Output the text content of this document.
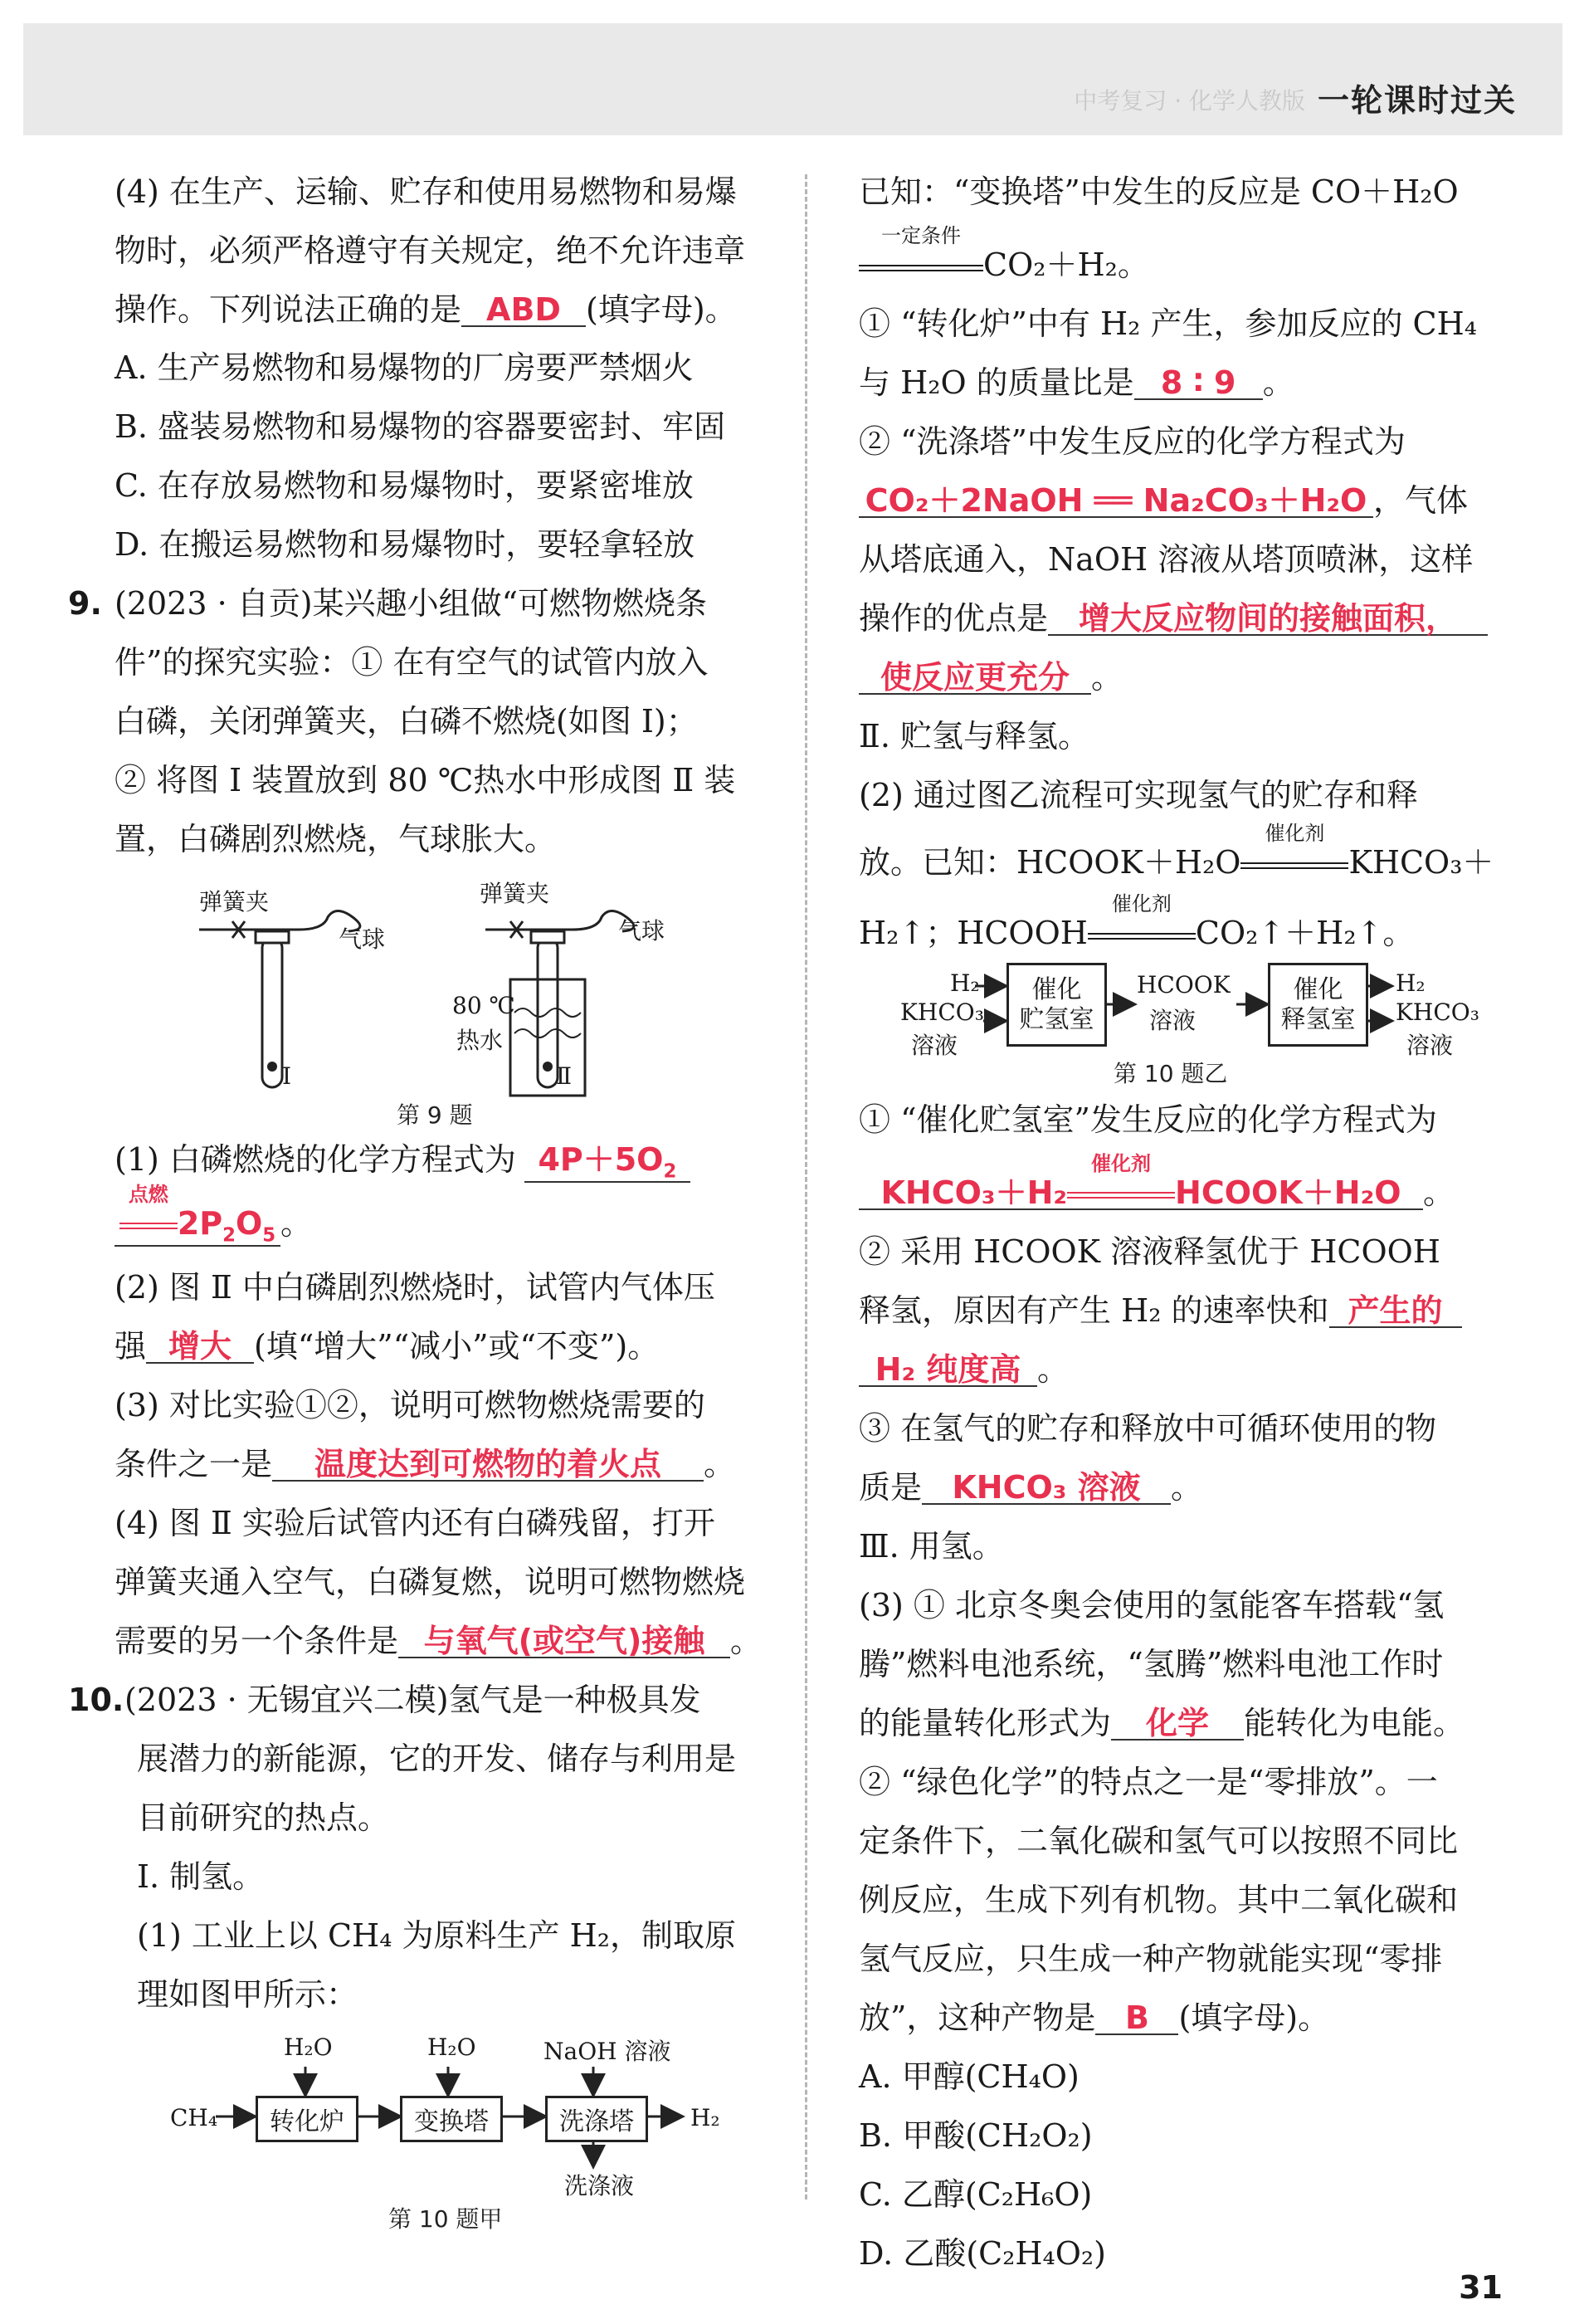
中考复习 · 化学人教版 一轮课时过关
(4) 在生产、运输、贮存和使用易燃物和易爆
物时，必须严格遵守有关规定，绝不允许违章
操作。下列说法正确的是 ABD (填字母)。
A. 生产易燃物和易爆物的厂房要严禁烟火
B. 盛装易燃物和易爆物的容器要密封、牢固
C. 在存放易燃物和易爆物时，要紧密堆放
D. 在搬运易燃物和易爆物时，要轻拿轻放
9. (2023 · 自贡)某兴趣小组做“可燃物燃烧条
件”的探究实验：① 在有空气的试管内放入
白磷，关闭弹簧夹，白磷不燃烧(如图 Ⅰ)；
② 将图 Ⅰ 装置放到 80 ℃热水中形成图 Ⅱ 装
置，白磷剧烈燃烧，气球胀大。
弹簧夹
气球
弹簧夹
气球
80 ℃
热水
Ⅰ	Ⅱ
第 9 题
(1) 白磷燃烧的化学方程式为 $4P+5O_2$
点燃
$2P_2O_5$ 。
(2) 图 Ⅱ 中白磷剧烈燃烧时，试管内气体压
强 增大 (填“增大”“减小”或“不变”)。
(3) 对比实验①②，说明可燃物燃烧需要的
条件之一是 温度达到可燃物的着火点 。
(4) 图 Ⅱ 实验后试管内还有白磷残留，打开
弹簧夹通入空气，白磷复燃，说明可燃物燃烧
需要的另一个条件是 与氧气(或空气)接触 。
10. (2023 · 无锡宜兴二模)氢气是一种极具发
展潜力的新能源，它的开发、储存与利用是
目前研究的热点。
Ⅰ. 制氢。
(1) 工业上以 CH₄ 为原料生产 H₂，制取原
理如图甲所示：
H₂O	H₂O	NaOH 溶液
CH₄	转化炉	变换塔	洗涤塔	H₂
洗涤液
第 10 题甲
已知：“变换塔”中发生的反应是 CO＋H₂O
一定条件
CO₂＋H₂。
① “转化炉”中有 H₂ 产生，参加反应的 CH₄
与 H₂O 的质量比是 8 ∶ 9 。
② “洗涤塔”中发生反应的化学方程式为
CO₂＋2NaOH ══ Na₂CO₃＋H₂O ，气体
从塔底通入，NaOH 溶液从塔顶喷淋，这样
操作的优点是 增大反应物间的接触面积，
使反应更充分 。
Ⅱ. 贮氢与释氢。
(2) 通过图乙流程可实现氢气的贮存和释
放。已知：HCOOK＋H₂O
催化剂
KHCO₃＋
H₂↑；HCOOH
催化剂
CO₂↑＋H₂↑。
H₂
KHCO₃
溶液
催化
贮氢室
HCOOK
溶液
催化
释氢室
H₂
KHCO₃
溶液
第 10 题乙
① “催化贮氢室”发生反应的化学方程式为
KHCO₃＋H₂
催化剂
HCOOK＋H₂O 。
② 采用 HCOOK 溶液释氢优于 HCOOH
释氢，原因有产生 H₂ 的速率快和 产生的
H₂ 纯度高 。
③ 在氢气的贮存和释放中可循环使用的物
质是 KHCO₃ 溶液 。
Ⅲ. 用氢。
(3) ① 北京冬奥会使用的氢能客车搭载“氢
腾”燃料电池系统，“氢腾”燃料电池工作时
的能量转化形式为 化学 能转化为电能。
② “绿色化学”的特点之一是“零排放”。一
定条件下，二氧化碳和氢气可以按照不同比
例反应，生成下列有机物。其中二氧化碳和
氢气反应，只生成一种产物就能实现“零排
放”，这种产物是 B (填字母)。
A. 甲醇(CH₄O)
B. 甲酸(CH₂O₂)
C. 乙醇(C₂H₆O)
D. 乙酸(C₂H₄O₂)
31
